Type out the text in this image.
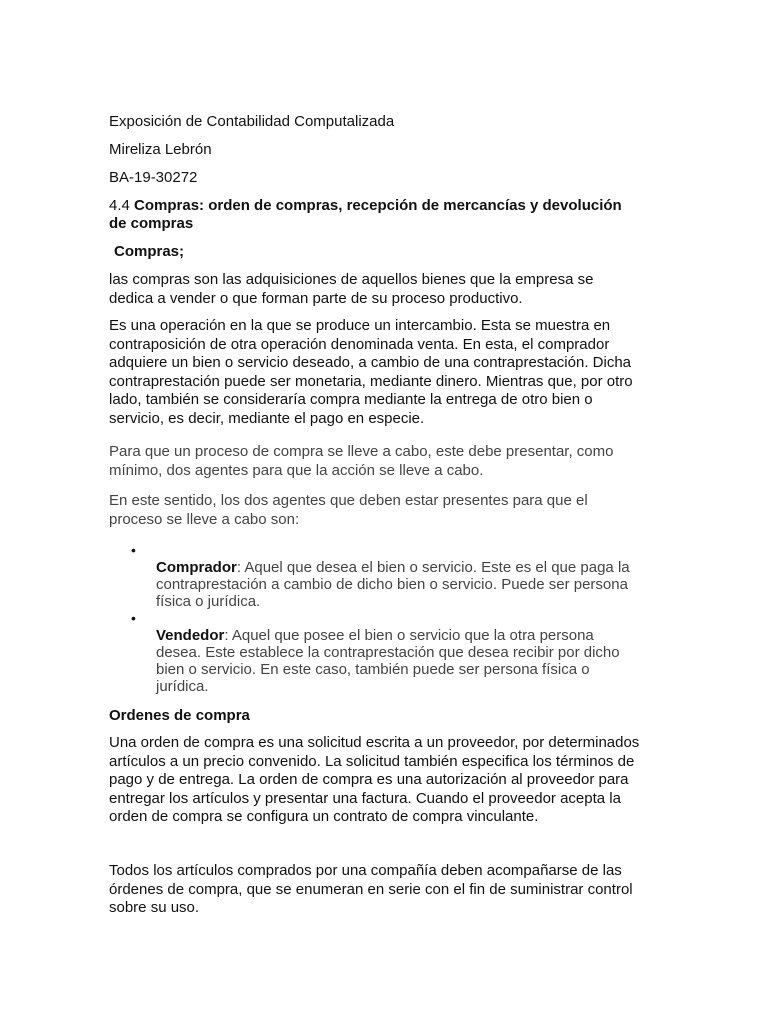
Exposición de Contabilidad Computalizada
Mireliza Lebrón
BA-19-30272
4.4 Compras: orden de compras, recepción de mercancías y devolución
de compras
Compras;
las compras son las adquisiciones de aquellos bienes que la empresa se
dedica a vender o que forman parte de su proceso productivo.
Es una operación en la que se produce un intercambio. Esta se muestra en
contraposición de otra operación denominada venta. En esta, el comprador
adquiere un bien o servicio deseado, a cambio de una contraprestación. Dicha
contraprestación puede ser monetaria, mediante dinero. Mientras que, por otro
lado, también se consideraría compra mediante la entrega de otro bien o
servicio, es decir, mediante el pago en especie.
Para que un proceso de compra se lleve a cabo, este debe presentar, como
mínimo, dos agentes para que la acción se lleve a cabo.
En este sentido, los dos agentes que deben estar presentes para que el
proceso se lleve a cabo son:

•
Comprador: Aquel que desea el bien o servicio. Este es el que paga la
contraprestación a cambio de dicho bien o servicio. Puede ser persona
física o jurídica.

•
Vendedor: Aquel que posee el bien o servicio que la otra persona
desea. Este establece la contraprestación que desea recibir por dicho
bien o servicio. En este caso, también puede ser persona física o
jurídica.

Ordenes de compra
Una orden de compra es una solicitud escrita a un proveedor, por determinados
artículos a un precio convenido. La solicitud también especifica los términos de
pago y de entrega. La orden de compra es una autorización al proveedor para
entregar los artículos y presentar una factura. Cuando el proveedor acepta la
orden de compra se configura un contrato de compra vinculante.
Todos los artículos comprados por una compañía deben acompañarse de las
órdenes de compra, que se enumeran en serie con el fin de suministrar control
sobre su uso.
